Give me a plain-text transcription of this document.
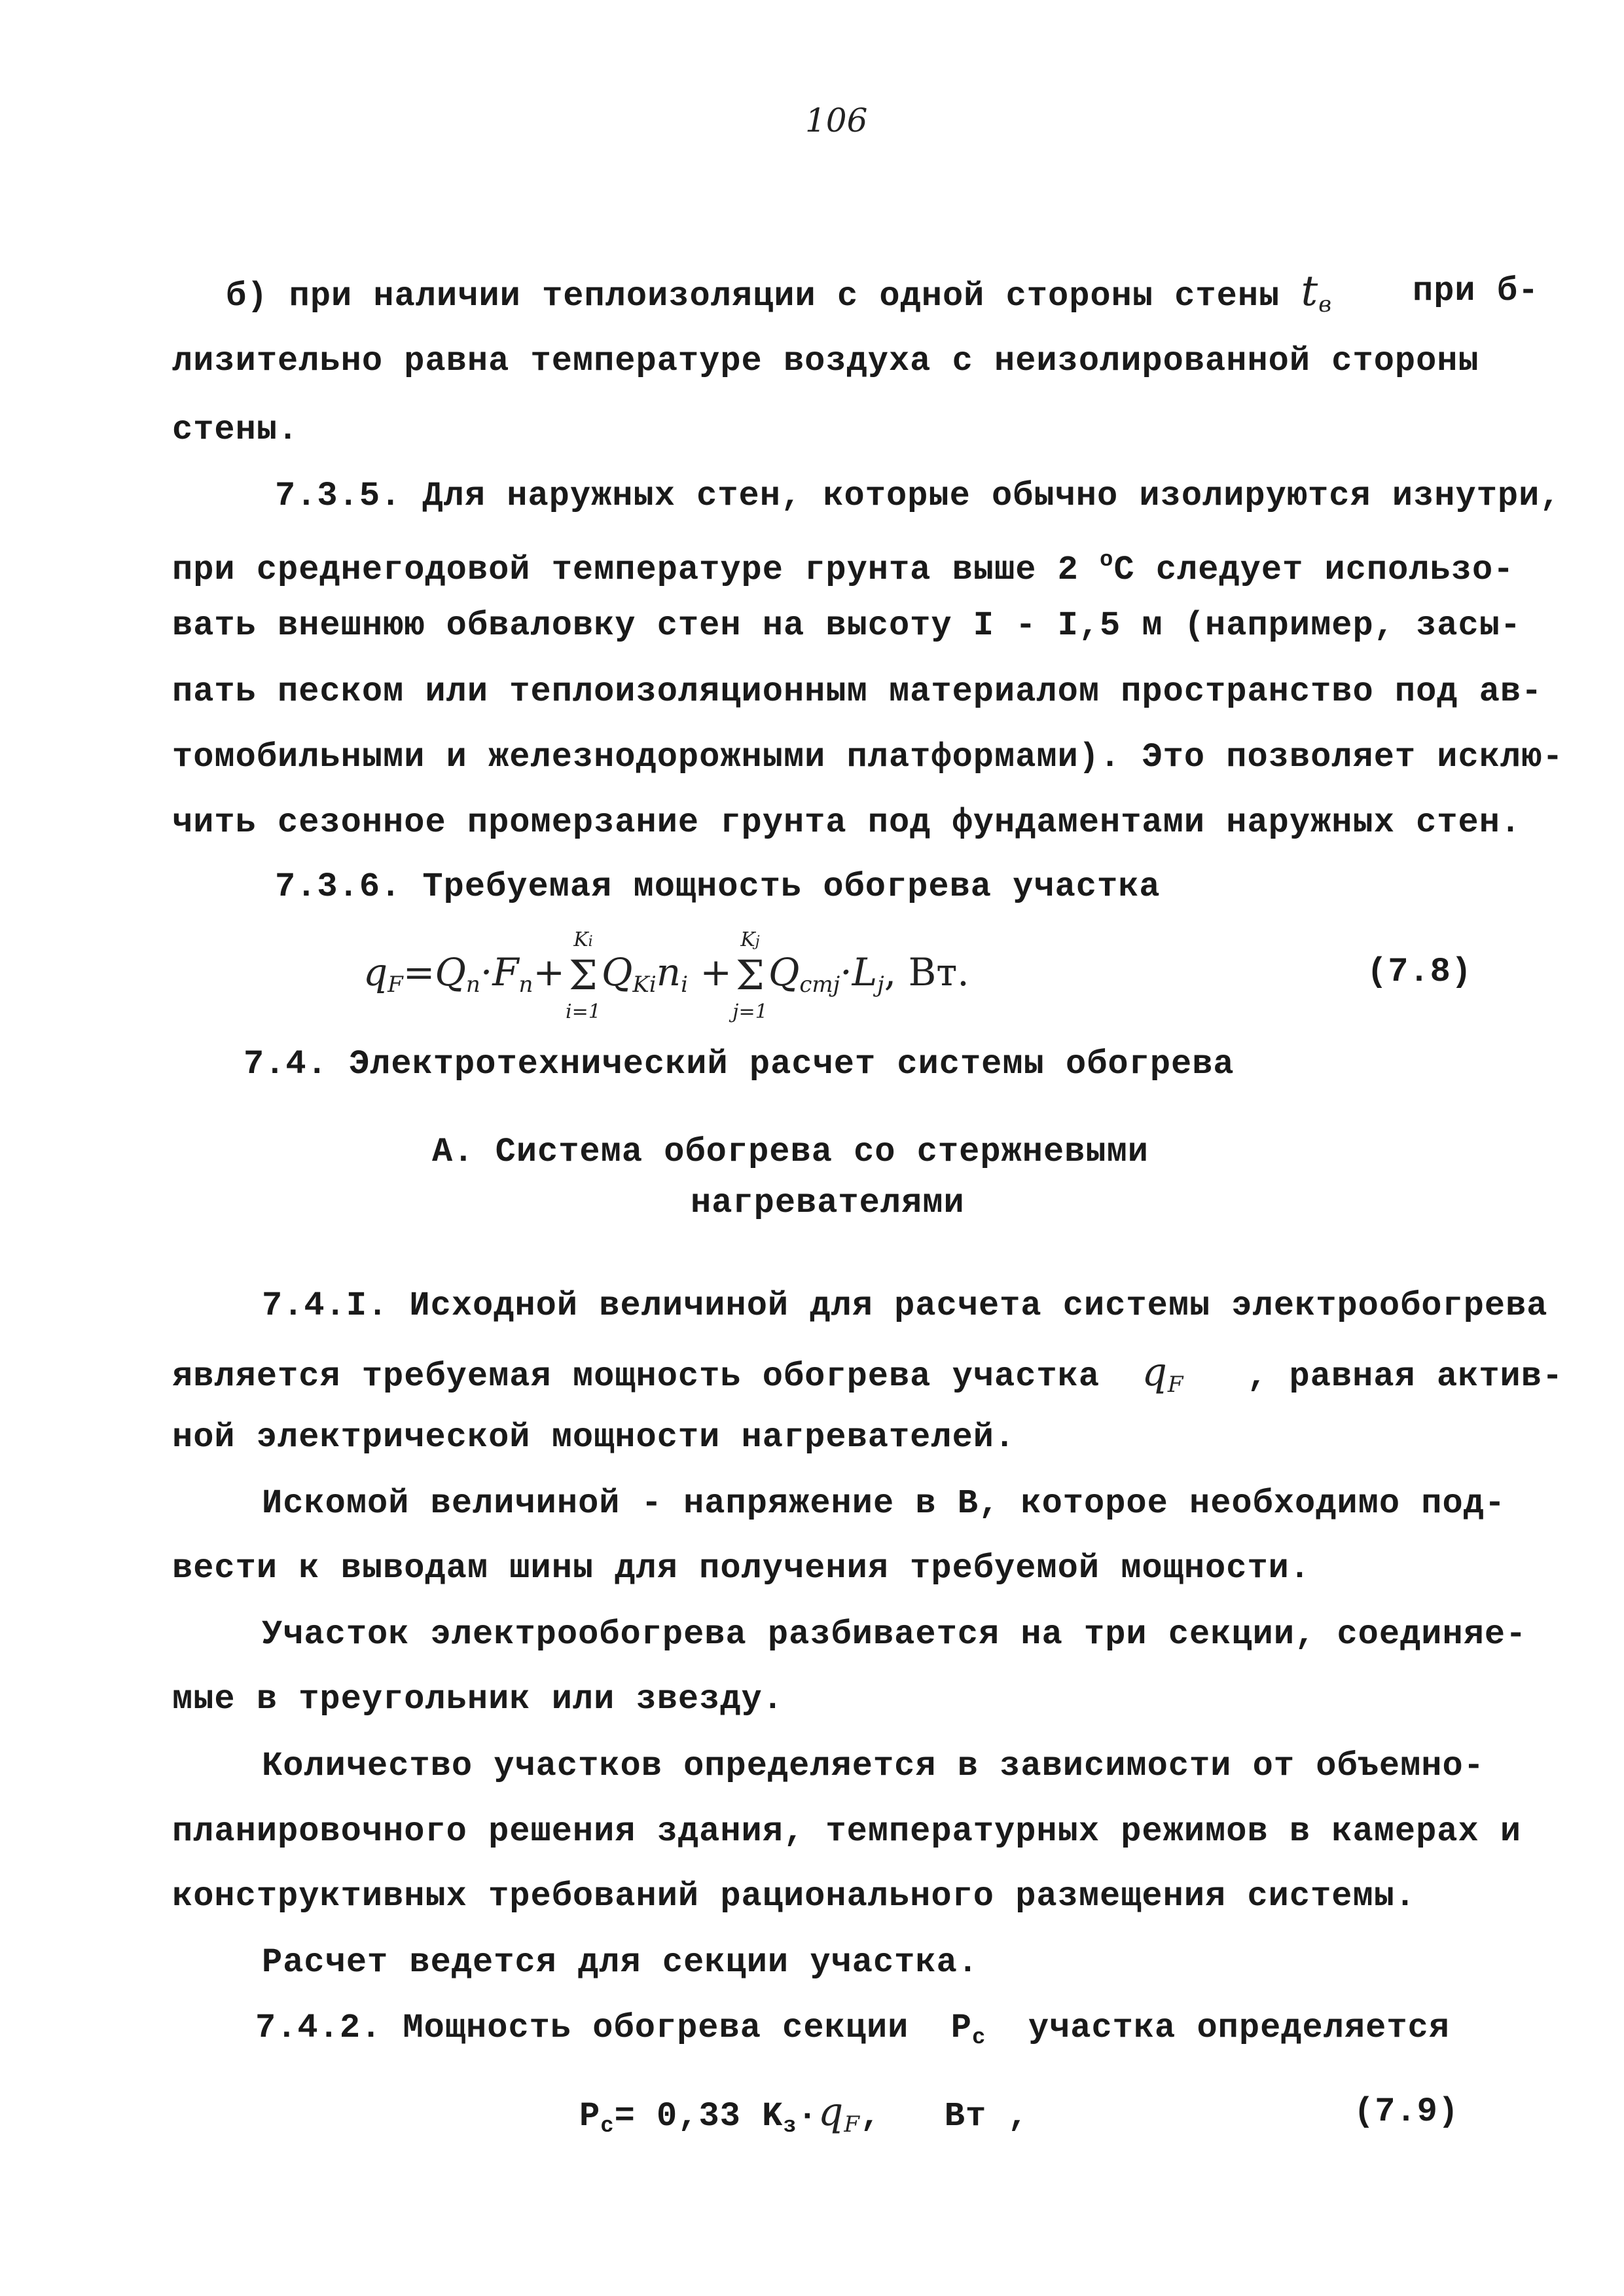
106
б) при наличии теплоизоляции с одной стороны стены $t_в$ при б-
лизительно равна температуре воздуха с неизолированной стороны
стены.
7.3.5. Для наружных стен, которые обычно изолируются изнутри,
при среднегодовой температуре грунта выше 2 $^о$С следует использо-
вать внешнюю обваловку стен на высоту I - I,5 м (например, засы-
пать песком или теплоизоляционным материалом пространство под ав-
томобильными и железнодорожными платформами). Это позволяет исклю-
чить сезонное промерзание грунта под фундаментами наружных стен.
7.3.6. Требуемая мощность обогрева участка
$q_F=Q_п\cdot F_п+$
Ki
Σ
i=1
$Q_{Ki}n_i$ +
Kj
Σ
j=1
$Q_{стj}\cdot L_j$, Вт.	(7.8)
7.4. Электротехнический расчет системы обогрева
А. Система обогрева со стержневыми
нагревателями
7.4.I. Исходной величиной для расчета системы электрообогрева
является требуемая мощность обогрева участка $q_F$ , равная актив-
ной электрической мощности нагревателей.
Искомой величиной - напряжение в В, которое необходимо под-
вести к выводам шины для получения требуемой мощности.
Участок электрообогрева разбивается на три секции, соединяе-
мые в треугольник или звезду.
Количество участков определяется в зависимости от объемно-
планировочного решения здания, температурных режимов в камерах и
конструктивных требований рационального размещения системы.
Расчет ведется для секции участка.
7.4.2. Мощность обогрева секции $P_с$ участка определяется
$P_с= 0,33$ $K_з\cdot q_F$,   Вт ,	(7.9)
